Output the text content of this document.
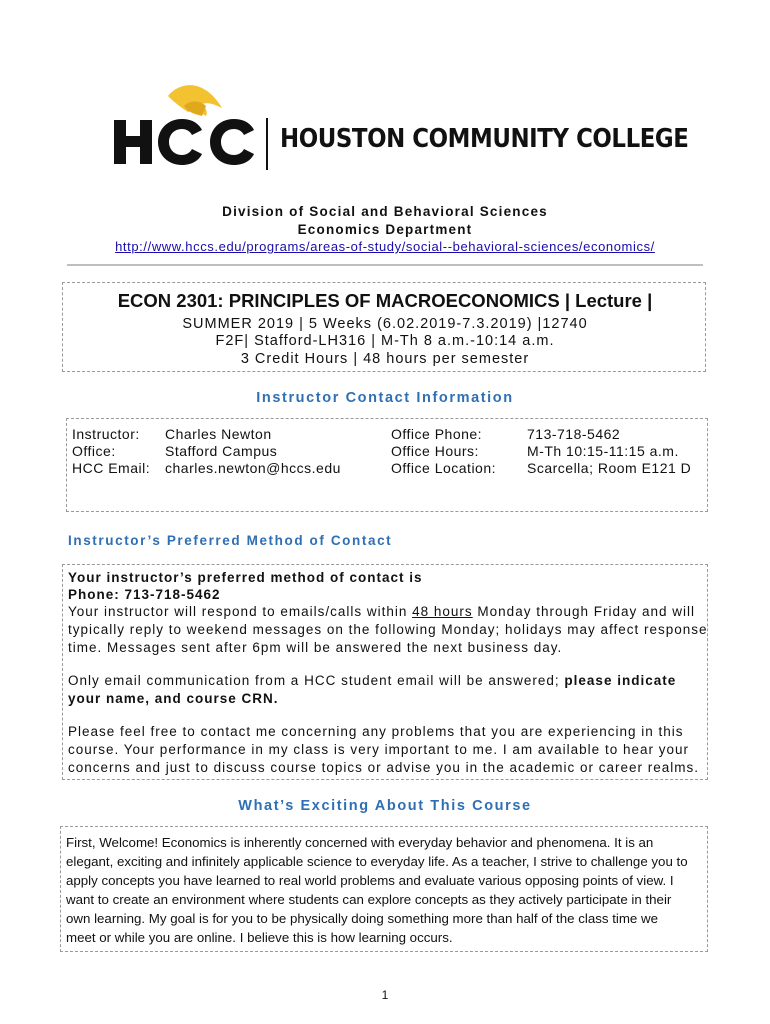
HOUSTON COMMUNITY COLLEGE
Division of Social and Behavioral Sciences
Economics Department
http://www.hccs.edu/programs/areas-of-study/social--behavioral-sciences/economics/
ECON 2301: PRINCIPLES OF MACROECONOMICS | Lecture |
SUMMER 2019 | 5 Weeks (6.02.2019-7.3.2019) |12740
F2F| Stafford-LH316 | M-Th 8 a.m.-10:14 a.m.
3 Credit Hours | 48 hours per semester
Instructor Contact Information
Instructor:
Office:
HCC Email:
Charles Newton
Stafford Campus
charles.newton@hccs.edu
Office Phone:
Office Hours:
Office Location:
713-718-5462
M-Th 10:15-11:15 a.m.
Scarcella; Room E121 D
Instructor’s Preferred Method of Contact
Your instructor’s preferred method of contact is
Phone: 713-718-5462
Your instructor will respond to emails/calls within 48 hours Monday through Friday and will
typically reply to weekend messages on the following Monday; holidays may affect response
time. Messages sent after 6pm will be answered the next business day.
Only email communication from a HCC student email will be answered; please indicate
your name, and course CRN.
Please feel free to contact me concerning any problems that you are experiencing in this
course. Your performance in my class is very important to me. I am available to hear your
concerns and just to discuss course topics or advise you in the academic or career realms.
What’s Exciting About This Course
First, Welcome! Economics is inherently concerned with everyday behavior and phenomena. It is an
elegant, exciting and infinitely applicable science to everyday life. As a teacher, I strive to challenge you to
apply concepts you have learned to real world problems and evaluate various opposing points of view. I
want to create an environment where students can explore concepts as they actively participate in their
own learning. My goal is for you to be physically doing something more than half of the class time we
meet or while you are online. I believe this is how learning occurs.
1
